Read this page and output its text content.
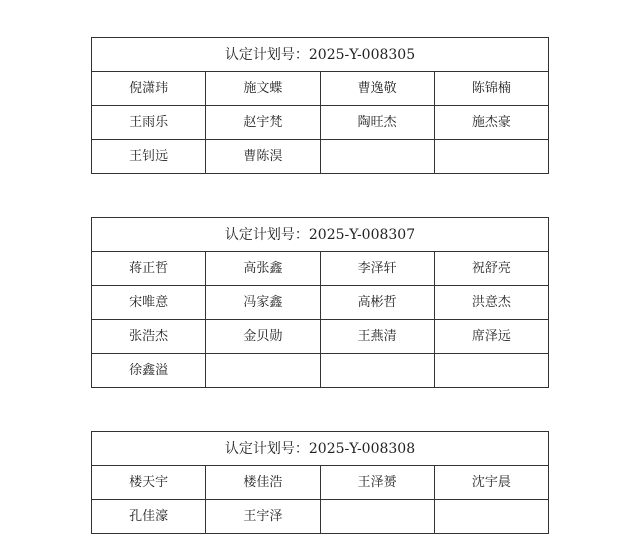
认定计划号：2025-Y-008305			
倪潇玮	施文蝶	曹逸敬	陈锦楠
王雨乐	赵宇梵	陶旺杰	施杰豪
王钊远	曹陈淏		
认定计划号：2025-Y-008307			
蒋正哲	高张鑫	李泽轩	祝舒亮
宋唯意	冯家鑫	高彬哲	洪意杰
张浩杰	金贝勋	王燕清	席泽远
徐鑫溢			
认定计划号：2025-Y-008308			
楼天宇	楼佳浩	王泽赟	沈宇晨
孔佳濠	王宇泽		
